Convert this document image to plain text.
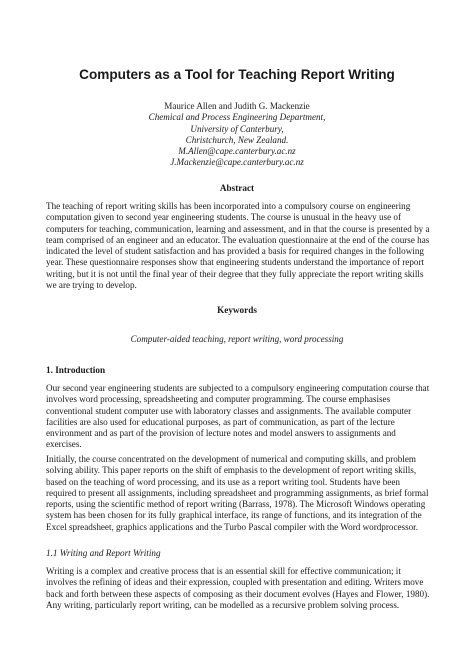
Computers as a Tool for Teaching Report Writing
Maurice Allen and Judith G. Mackenzie
Chemical and Process Engineering Department,
University of Canterbury,
Christchurch, New Zealand.
M.Allen@cape.canterbury.ac.nz
J.Mackenzie@cape.canterbury.ac.nz
Abstract

The teaching of report writing skills has been incorporated into a compulsory course on engineering computation given to second year engineering students. The course is unusual in the heavy use of computers for teaching, communication, learning and assessment, and in that the course is presented by a team comprised of an engineer and an educator. The evaluation questionnaire at the end of the course has indicated the level of student satisfaction and has provided a basis for required changes in the following year. These questionnaire responses show that engineering students understand the importance of report writing, but it is not until the final year of their degree that they fully appreciate the report writing skills we are trying to develop.

Keywords
Computer-aided teaching, report writing, word processing
1. Introduction

Our second year engineering students are subjected to a compulsory engineering computation course that involves word processing, spreadsheeting and computer programming. The course emphasises conventional student computer use with laboratory classes and assignments. The available computer facilities are also used for educational purposes, as part of communication, as part of the lecture environment and as part of the provision of lecture notes and model answers to assignments and exercises.

Initially, the course concentrated on the development of numerical and computing skills, and problem solving ability. This paper reports on the shift of emphasis to the development of report writing skills, based on the teaching of word processing, and its use as a report writing tool. Students have been required to present all assignments, including spreadsheet and programming assignments, as brief formal reports, using the scientific method of report writing (Barrass, 1978). The Microsoft Windows operating system has been chosen for its fully graphical interface, its range of functions, and its integration of the Excel spreadsheet, graphics applications and the Turbo Pascal compiler with the Word wordprocessor.

1.1 Writing and Report Writing

Writing is a complex and creative process that is an essential skill for effective communication; it involves the refining of ideas and their expression, coupled with presentation and editing. Writers move back and forth between these aspects of composing as their document evolves (Hayes and Flower, 1980). Any writing, particularly report writing, can be modelled as a recursive problem solving process.
